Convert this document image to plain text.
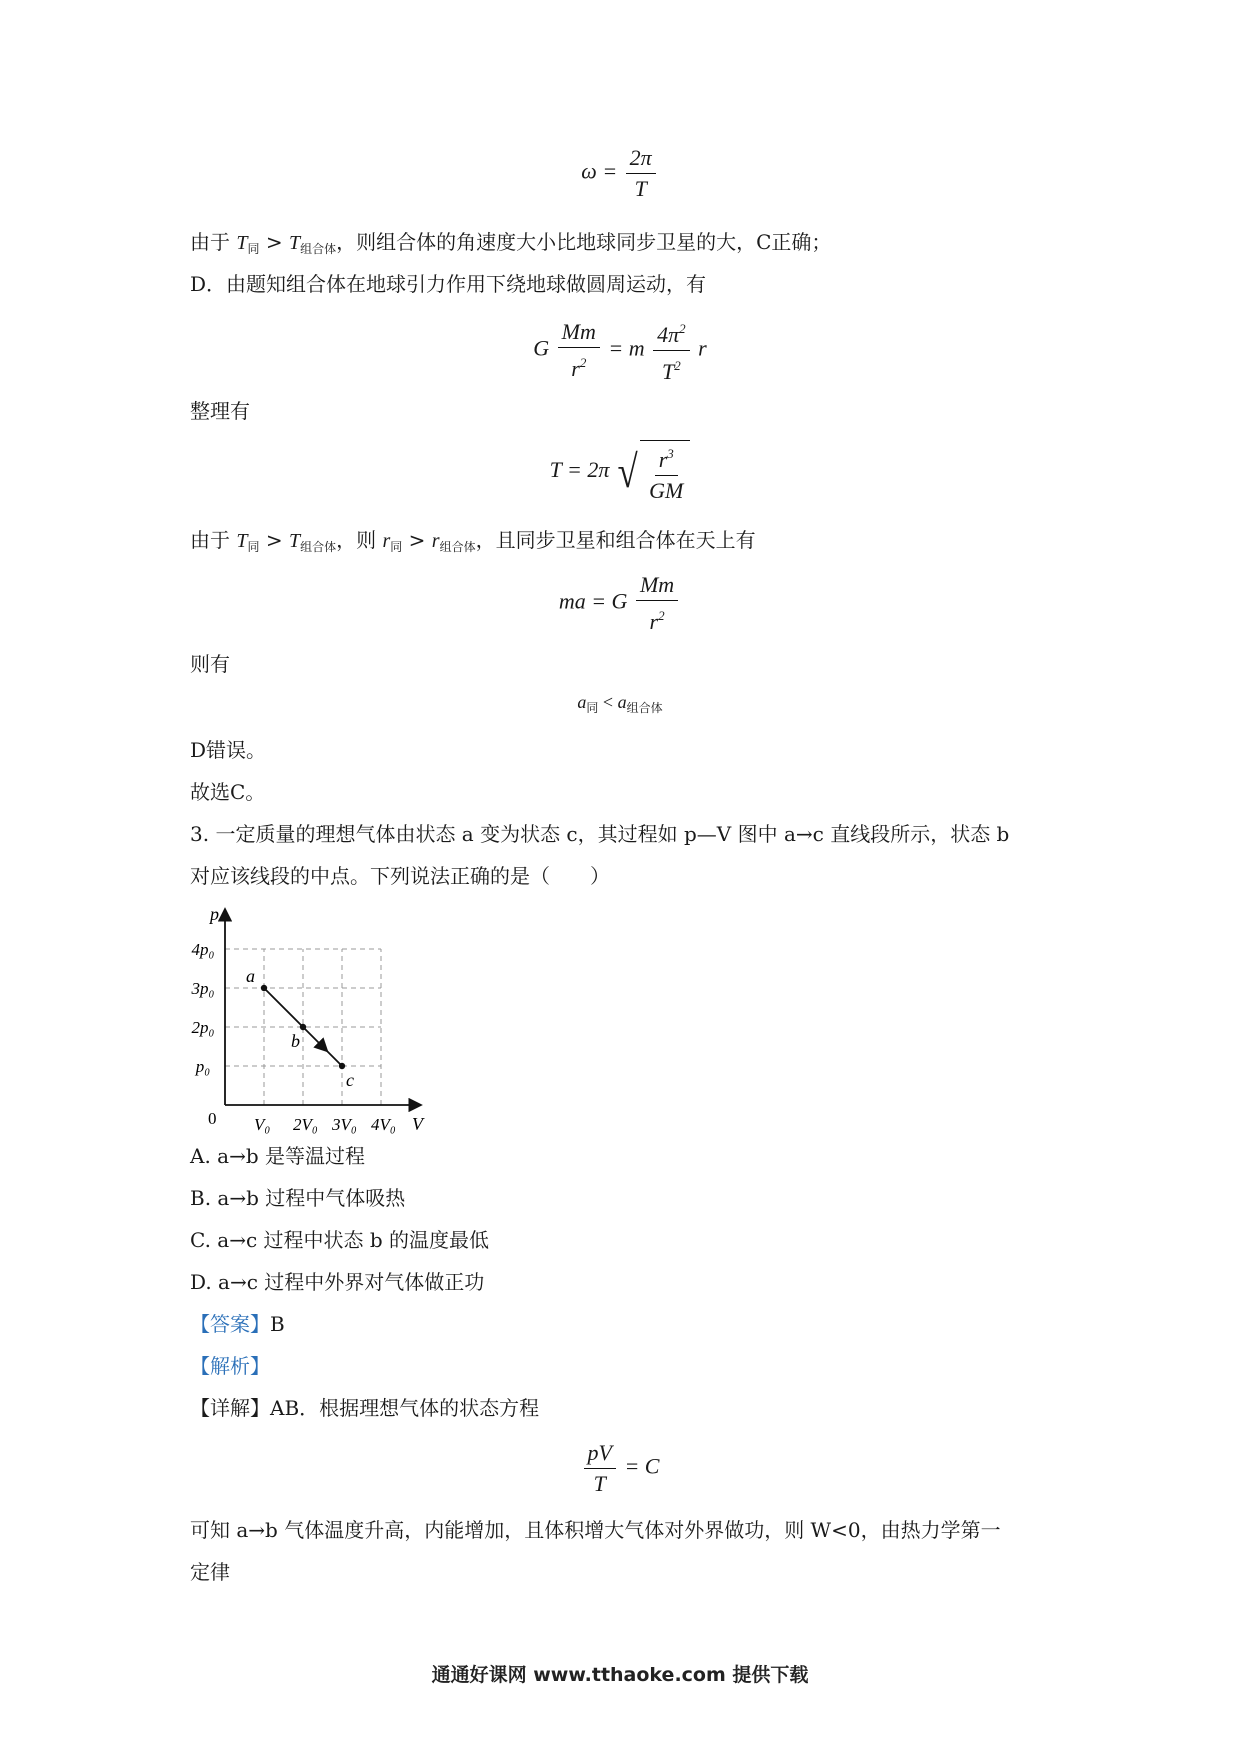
$\omega = \frac{2\pi}{T}$
由于 $T_同 > T_{组合体}$，则组合体的角速度大小比地球同步卫星的大，C正确；
D．由题知组合体在地球引力作用下绕地球做圆周运动，有
G $\frac{Mm}{r^2} = m \frac{4\pi^2}{T^2}$ r
整理有
T = 2π √ $\frac{r^3}{GM}$
由于 $T_同 > T_{组合体}$，则 $r_同 > r_{组合体}$，且同步卫星和组合体在天上有
ma = G $\frac{Mm}{r^2}$
则有
$a_同 < a_{组合体}$
D错误。
故选C。
3. 一定质量的理想气体由状态 a 变为状态 c，其过程如 p—V 图中 a→c 直线段所示，状态 b
对应该线段的中点。下列说法正确的是（　　）
V
p
0 V₀ 2V₀ 3V₀ 4V₀
p₀
2p₀
3p₀
4p₀
a
b
c
A. a→b 是等温过程
B. a→b 过程中气体吸热
C. a→c 过程中状态 b 的温度最低
D. a→c 过程中外界对气体做正功
【答案】B
【解析】
【详解】AB．根据理想气体的状态方程
$\frac{pV}{T} = C$
可知 a→b 气体温度升高，内能增加，且体积增大气体对外界做功，则 W<0，由热力学第一
定律
通通好课网 www.tthaoke.com 提供下载
